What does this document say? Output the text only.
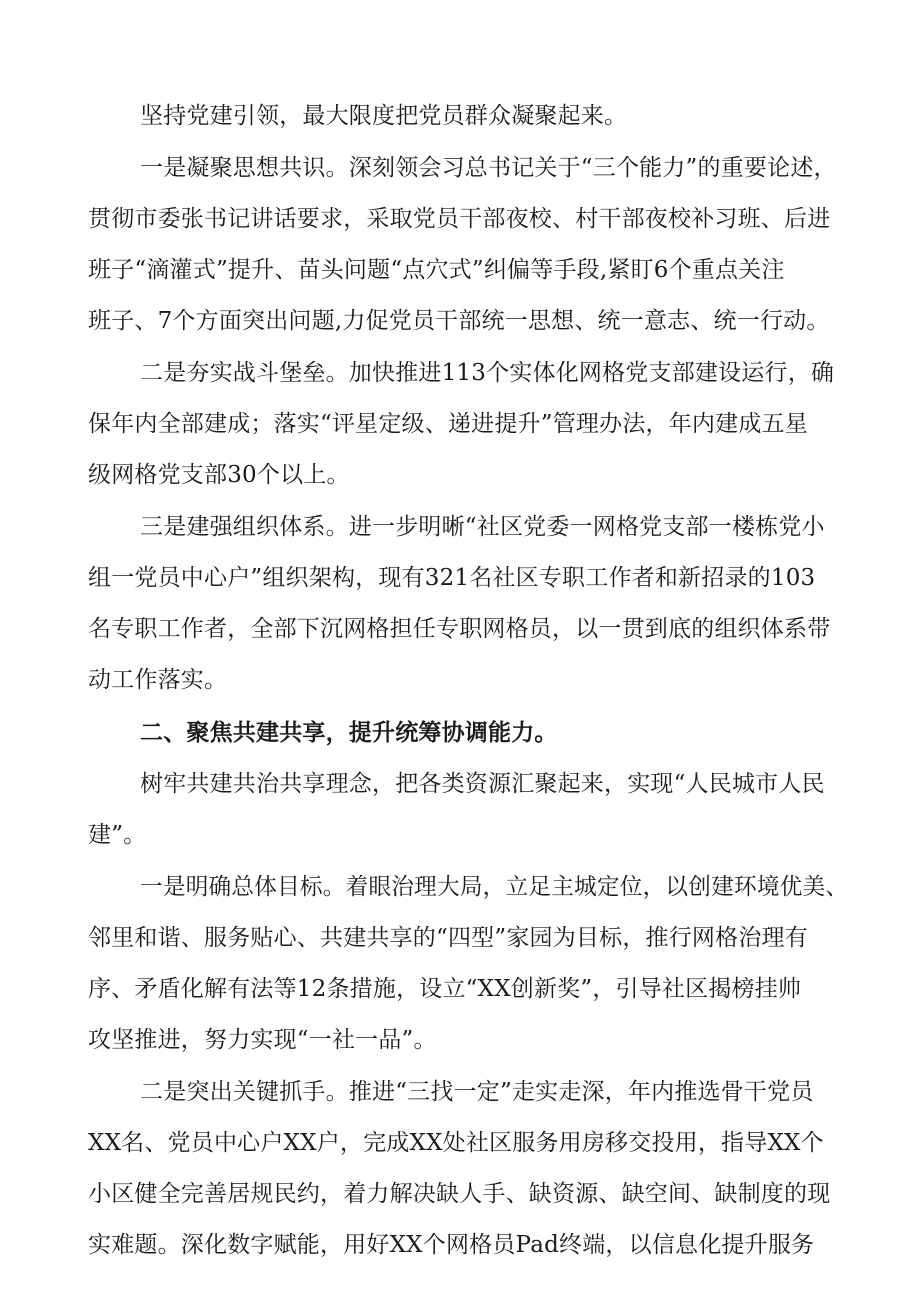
坚持党建引领，最大限度把党员群众凝聚起来。
一是凝聚思想共识。深刻领会习总书记关于“三个能力”的重要论述，
贯彻市委张书记讲话要求，采取党员干部夜校、村干部夜校补习班、后进
班子“滴灌式”提升、苗头问题“点穴式”纠偏等手段,紧盯6个重点关注
班子、7个方面突出问题,力促党员干部统一思想、统一意志、统一行动。
二是夯实战斗堡垒。加快推进113个实体化网格党支部建设运行，确
保年内全部建成；落实“评星定级、递进提升”管理办法，年内建成五星
级网格党支部30个以上。
三是建强组织体系。进一步明晰“社区党委一网格党支部一楼栋党小
组一党员中心户”组织架构，现有321名社区专职工作者和新招录的103
名专职工作者，全部下沉网格担任专职网格员，以一贯到底的组织体系带
动工作落实。
二、聚焦共建共享，提升统筹协调能力。
树牢共建共治共享理念，把各类资源汇聚起来，实现“人民城市人民
建”。
一是明确总体目标。着眼治理大局，立足主城定位，以创建环境优美、
邻里和谐、服务贴心、共建共享的“四型”家园为目标，推行网格治理有
序、矛盾化解有法等12条措施，设立“XX创新奖”，引导社区揭榜挂帅
攻坚推进，努力实现“一社一品”。
二是突出关键抓手。推进“三找一定”走实走深，年内推选骨干党员
XX名、党员中心户XX户，完成XX处社区服务用房移交投用，指导XX个
小区健全完善居规民约，着力解决缺人手、缺资源、缺空间、缺制度的现
实难题。深化数字赋能，用好XX个网格员Pad终端，以信息化提升服务
